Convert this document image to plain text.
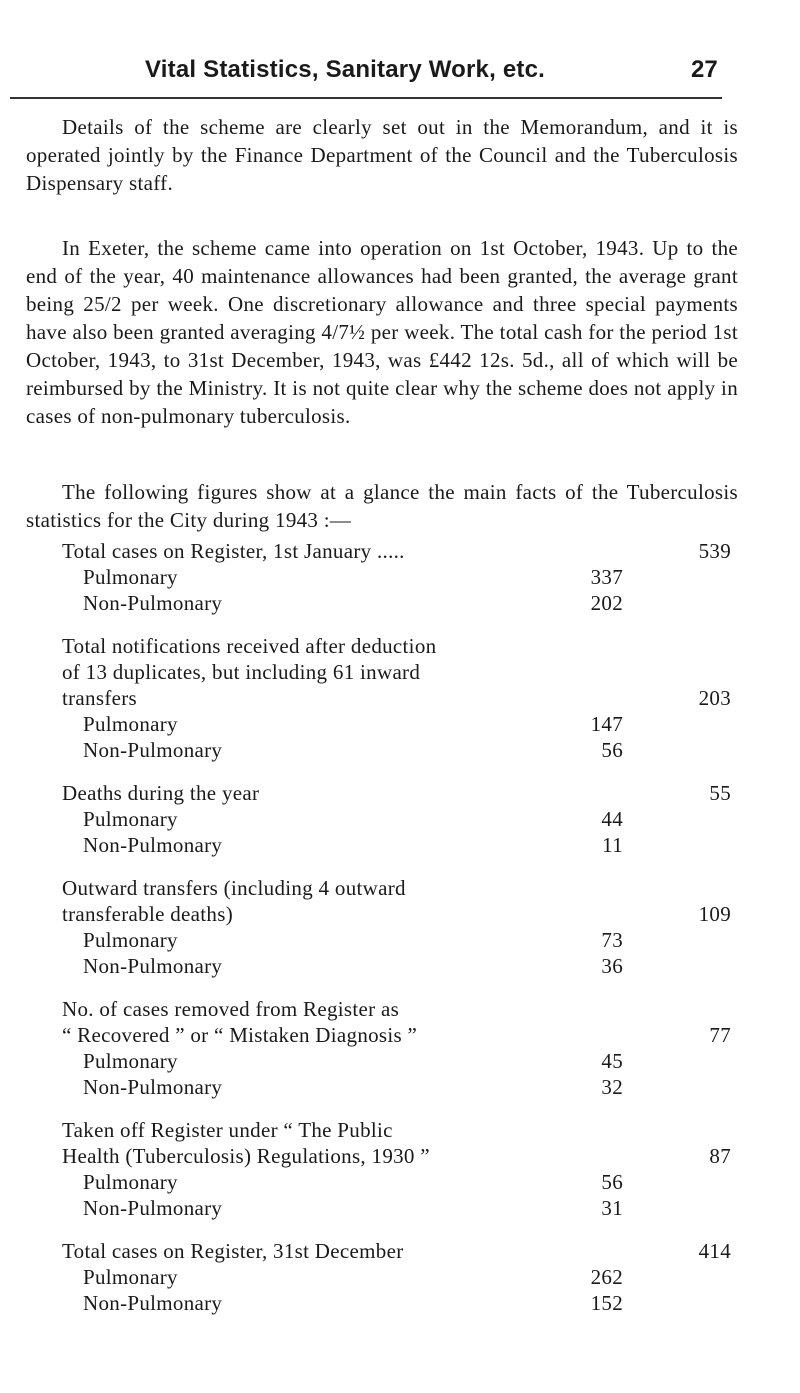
Vital Statistics, Sanitary Work, etc.	27

Details of the scheme are clearly set out in the Memorandum, and it is operated jointly by the Finance Department of the Council and the Tuberculosis Dispensary staff.

In Exeter, the scheme came into operation on 1st October, 1943. Up to the end of the year, 40 maintenance allowances had been granted, the average grant being 25/2 per week. One discretionary allowance and three special payments have also been granted averaging 4/7½ per week. The total cash for the period 1st October, 1943, to 31st December, 1943, was £442 12s. 5d., all of which will be reimbursed by the Ministry. It is not quite clear why the scheme does not apply in cases of non-pulmonary tuberculosis.

The following figures show at a glance the main facts of the Tuberculosis statistics for the City during 1943 :—

Total cases on Register, 1st January .....	539
Pulmonary	337
Non-Pulmonary	202
Total notifications received after deduction
of 13 duplicates, but including 61 inward
transfers	203
Pulmonary	147
Non-Pulmonary	56
Deaths during the year	55
Pulmonary	44
Non-Pulmonary	11
Outward transfers (including 4 outward
transferable deaths)	109
Pulmonary	73
Non-Pulmonary	36
No. of cases removed from Register as
“ Recovered ” or “ Mistaken Diagnosis ”	77
Pulmonary	45
Non-Pulmonary	32
Taken off Register under “ The Public
Health (Tuberculosis) Regulations, 1930 ”	87
Pulmonary	56
Non-Pulmonary	31
Total cases on Register, 31st December	414
Pulmonary	262
Non-Pulmonary	152
